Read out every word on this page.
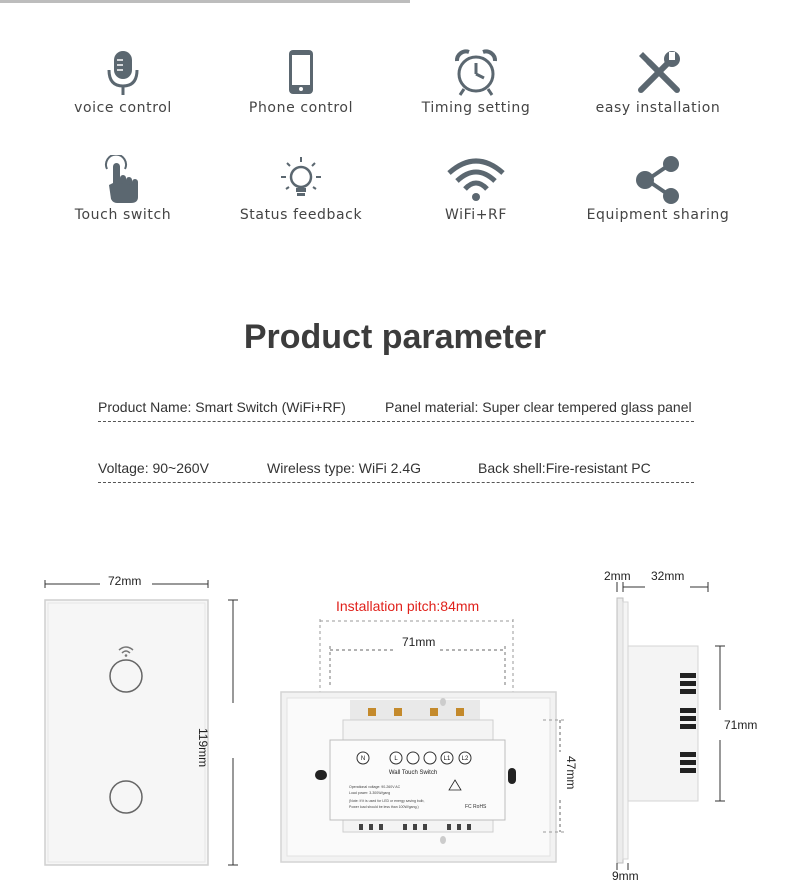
voice control	Phone control	Timing setting	easy installation
Touch switch	Status feedback	WiFi+RF	Equipment sharing
Product parameter
Product Name: Smart Switch (WiFi+RF)	Panel material: Super clear tempered glass panel
Voltage: 90~260V	Wireless type: WiFi 2.4G	Back shell:Fire-resistant PC
72mm
119mm
Installation pitch:84mm
71mm
N	L	L1 L2
Wall Touch Switch
Operational voltage: 90-260V AC
Load power: 3-300W/gang
(Note: If it is used for LED or energy saving bulb,
Power load should be less than 100W/gang.)	FC RoHS
47mm
2mm 32mm
71mm
9mm
